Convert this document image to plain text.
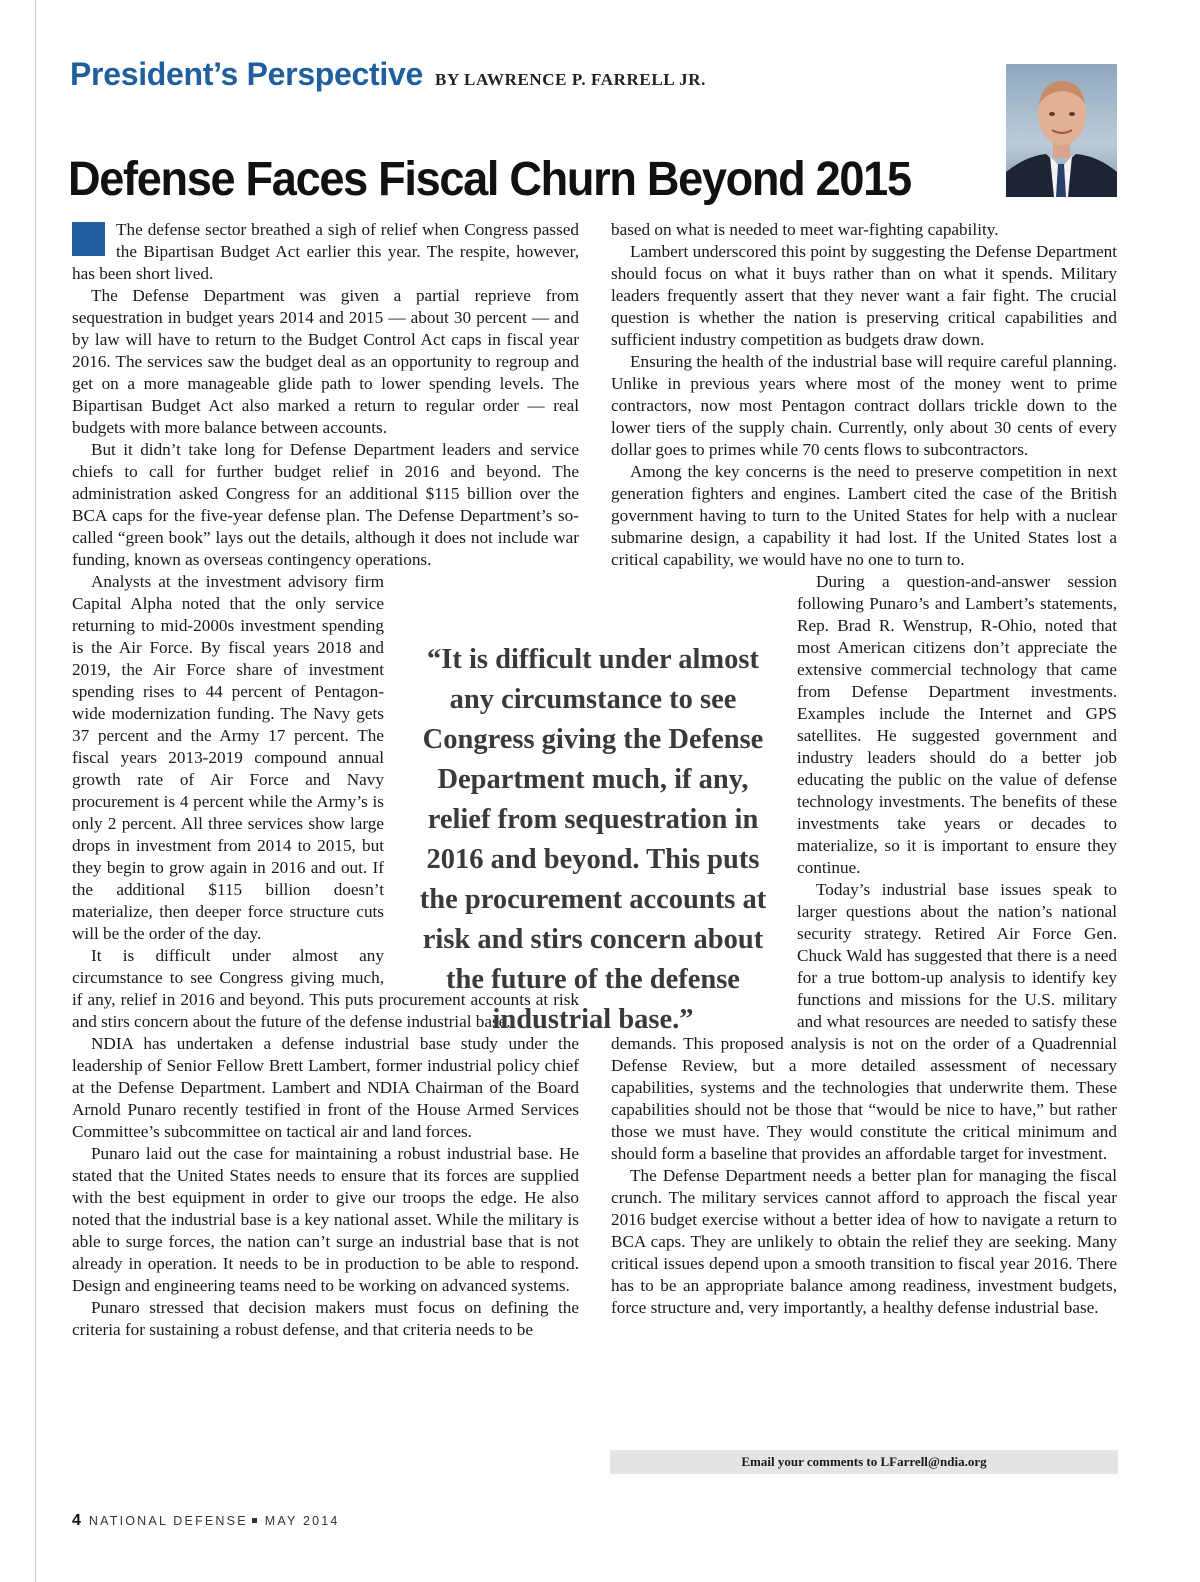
President’s Perspective BY LAWRENCE P. FARRELL JR.
Defense Faces Fiscal Churn Beyond 2015

The defense sector breathed a sigh of relief when Congress passed the Bipartisan Budget Act earlier this year. The respite, however, has been short lived.

The Defense Department was given a partial reprieve from sequestration in budget years 2014 and 2015 — about 30 percent — and by law will have to return to the Budget Control Act caps in fiscal year 2016. The services saw the budget deal as an opportunity to regroup and get on a more manageable glide path to lower spending levels. The Bipartisan Budget Act also marked a return to regular order — real budgets with more balance between accounts.

But it didn’t take long for Defense Department leaders and service chiefs to call for further budget relief in 2016 and beyond. The administration asked Congress for an additional $115 billion over the BCA caps for the five-year defense plan. The Defense Department’s so-called “green book” lays out the details, although it does not include war funding, known as overseas contingency operations.

Analysts at the investment advisory firm Capital Alpha noted that the only service returning to mid-2000s investment spending is the Air Force. By fiscal years 2018 and 2019, the Air Force share of investment spending rises to 44 percent of Pentagon-wide modernization funding. The Navy gets 37 percent and the Army 17 percent. The fiscal years 2013-2019 compound annual growth rate of Air Force and Navy procurement is 4 percent while the Army’s is only 2 percent. All three services show large drops in investment from 2014 to 2015, but they begin to grow again in 2016 and out. If the additional $115 billion doesn’t materialize, then deeper force structure cuts will be the order of the day.

It is difficult under almost any circumstance to see Congress giving much, if any, relief in 2016 and beyond. This puts procurement accounts at risk and stirs concern about the future of the defense industrial base.

NDIA has undertaken a defense industrial base study under the leadership of Senior Fellow Brett Lambert, former industrial policy chief at the Defense Department. Lambert and NDIA Chairman of the Board Arnold Punaro recently testified in front of the House Armed Services Committee’s subcommittee on tactical air and land forces.

Punaro laid out the case for maintaining a robust industrial base. He stated that the United States needs to ensure that its forces are supplied with the best equipment in order to give our troops the edge. He also noted that the industrial base is a key national asset. While the military is able to surge forces, the nation can’t surge an industrial base that is not already in operation. It needs to be in production to be able to respond. Design and engineering teams need to be working on advanced systems.

Punaro stressed that decision makers must focus on defining the criteria for sustaining a robust defense, and that criteria needs to be

based on what is needed to meet war-fighting capability.

Lambert underscored this point by suggesting the Defense Department should focus on what it buys rather than on what it spends. Military leaders frequently assert that they never want a fair fight. The crucial question is whether the nation is preserving critical capabilities and sufficient industry competition as budgets draw down.

Ensuring the health of the industrial base will require careful planning. Unlike in previous years where most of the money went to prime contractors, now most Pentagon contract dollars trickle down to the lower tiers of the supply chain. Currently, only about 30 cents of every dollar goes to primes while 70 cents flows to subcontractors.

Among the key concerns is the need to preserve competition in next generation fighters and engines. Lambert cited the case of the British government having to turn to the United States for help with a nuclear submarine design, a capability it had lost. If the United States lost a critical capability, we would have no one to turn to.

During a question-and-answer session following Punaro’s and Lambert’s statements, Rep. Brad R. Wenstrup, R-Ohio, noted that most American citizens don’t appreciate the extensive commercial technology that came from Defense Department investments. Examples include the Internet and GPS satellites. He suggested government and industry leaders should do a better job educating the public on the value of defense technology investments. The benefits of these investments take years or decades to materialize, so it is important to ensure they continue.

Today’s industrial base issues speak to larger questions about the nation’s national security strategy. Retired Air Force Gen. Chuck Wald has suggested that there is a need for a true bottom-up analysis to identify key functions and missions for the U.S. military and what resources are needed to satisfy these demands. This proposed analysis is not on the order of a Quadrennial Defense Review, but a more detailed assessment of necessary capabilities, systems and the technologies that underwrite them. These capabilities should not be those that “would be nice to have,” but rather those we must have. They would constitute the critical minimum and should form a baseline that provides an affordable target for investment.

The Defense Department needs a better plan for managing the fiscal crunch. The military services cannot afford to approach the fiscal year 2016 budget exercise without a better idea of how to navigate a return to BCA caps. They are unlikely to obtain the relief they are seeking. Many critical issues depend upon a smooth transition to fiscal year 2016. There has to be an appropriate balance among readiness, investment budgets, force structure and, very importantly, a healthy defense industrial base.

“It is difficult under almost any circumstance to see Congress giving the Defense Department much, if any, relief from sequestration in 2016 and beyond. This puts the procurement accounts at risk and stirs concern about the future of the defense industrial base.”
Email your comments to LFarrell@ndia.org
4 NATIONAL DEFENSE MAY 2014
